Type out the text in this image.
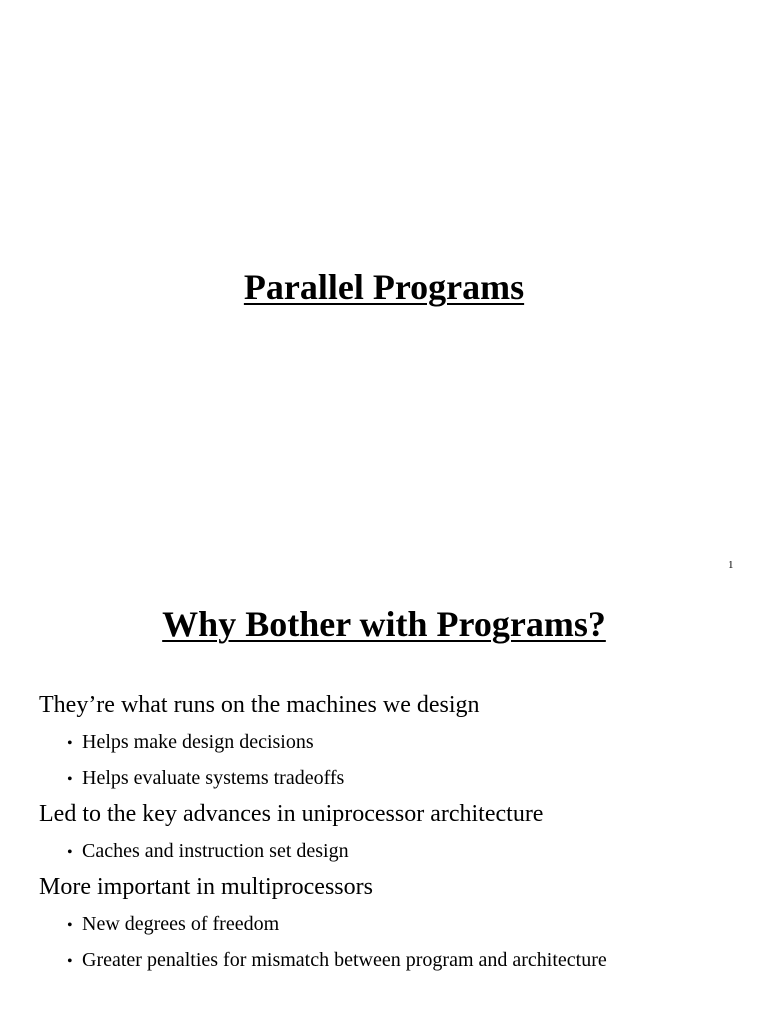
Parallel Programs
1
Why Bother with Programs?
They’re what runs on the machines we design
• Helps make design decisions
• Helps evaluate systems tradeoffs
Led to the key advances in uniprocessor architecture
• Caches and instruction set design
More important in multiprocessors
• New degrees of freedom
• Greater penalties for mismatch between program and architecture
